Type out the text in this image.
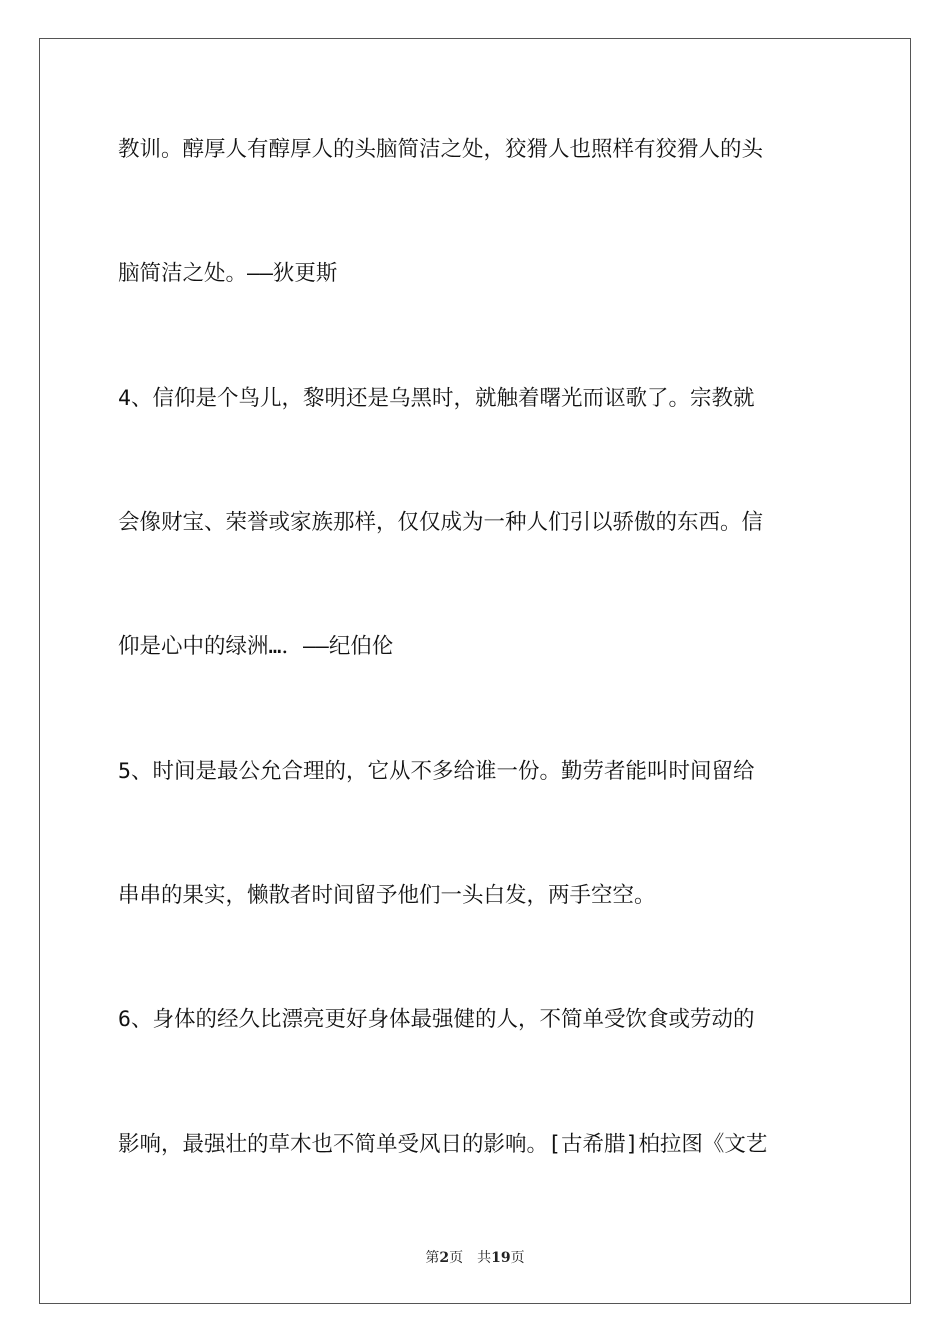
教训。醇厚人有醇厚人的头脑简洁之处，狡猾人也照样有狡猾人的头
脑简洁之处。——狄更斯
4、信仰是个鸟儿，黎明还是乌黑时，就触着曙光而讴歌了。宗教就
会像财宝、荣誉或家族那样，仅仅成为一种人们引以骄傲的东西。信
仰是心中的绿洲…．——纪伯伦
5、时间是最公允合理的，它从不多给谁一份。勤劳者能叫时间留给
串串的果实，懒散者时间留予他们一头白发，两手空空。
6、身体的经久比漂亮更好身体最强健的人，不简单受饮食或劳动的
影响，最强壮的草木也不简单受风日的影响。[古希腊]柏拉图《文艺
第2页 共19页
